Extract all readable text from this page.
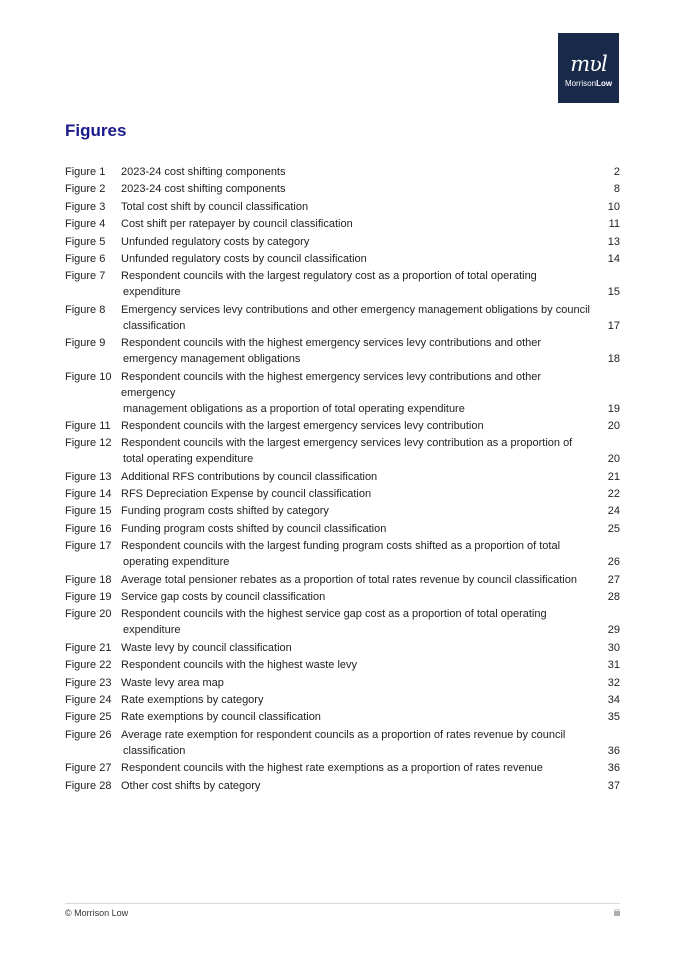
mʋl
MorrisonLow
Figures
Figure 1	2023-24 cost shifting components	2
Figure 2	2023-24 cost shifting components	8
Figure 3	Total cost shift by council classification	10
Figure 4	Cost shift per ratepayer by council classification	11
Figure 5	Unfunded regulatory costs by category	13
Figure 6	Unfunded regulatory costs by council classification	14
Figure 7	Respondent councils with the largest regulatory cost as a proportion of total operating
expenditure	15
Figure 8	Emergency services levy contributions and other emergency management obligations by council
classification	17
Figure 9	Respondent councils with the highest emergency services levy contributions and other
emergency management obligations	18
Figure 10 Respondent councils with the highest emergency services levy contributions and other emergency
management obligations as a proportion of total operating expenditure	19
Figure 11 Respondent councils with the largest emergency services levy contribution	20
Figure 12 Respondent councils with the largest emergency services levy contribution as a proportion of
total operating expenditure	20
Figure 13 Additional RFS contributions by council classification	21
Figure 14 RFS Depreciation Expense by council classification	22
Figure 15 Funding program costs shifted by category	24
Figure 16 Funding program costs shifted by council classification	25
Figure 17 Respondent councils with the largest funding program costs shifted as a proportion of total
operating expenditure	26
Figure 18 Average total pensioner rebates as a proportion of total rates revenue by council classification	27
Figure 19 Service gap costs by council classification	28
Figure 20 Respondent councils with the highest service gap cost as a proportion of total operating
expenditure	29
Figure 21 Waste levy by council classification	30
Figure 22 Respondent councils with the highest waste levy	31
Figure 23 Waste levy area map	32
Figure 24 Rate exemptions by category	34
Figure 25 Rate exemptions by council classification	35
Figure 26 Average rate exemption for respondent councils as a proportion of rates revenue by council
classification	36
Figure 27 Respondent councils with the highest rate exemptions as a proportion of rates revenue	36
Figure 28 Other cost shifts by category	37
© Morrison Low	iii
